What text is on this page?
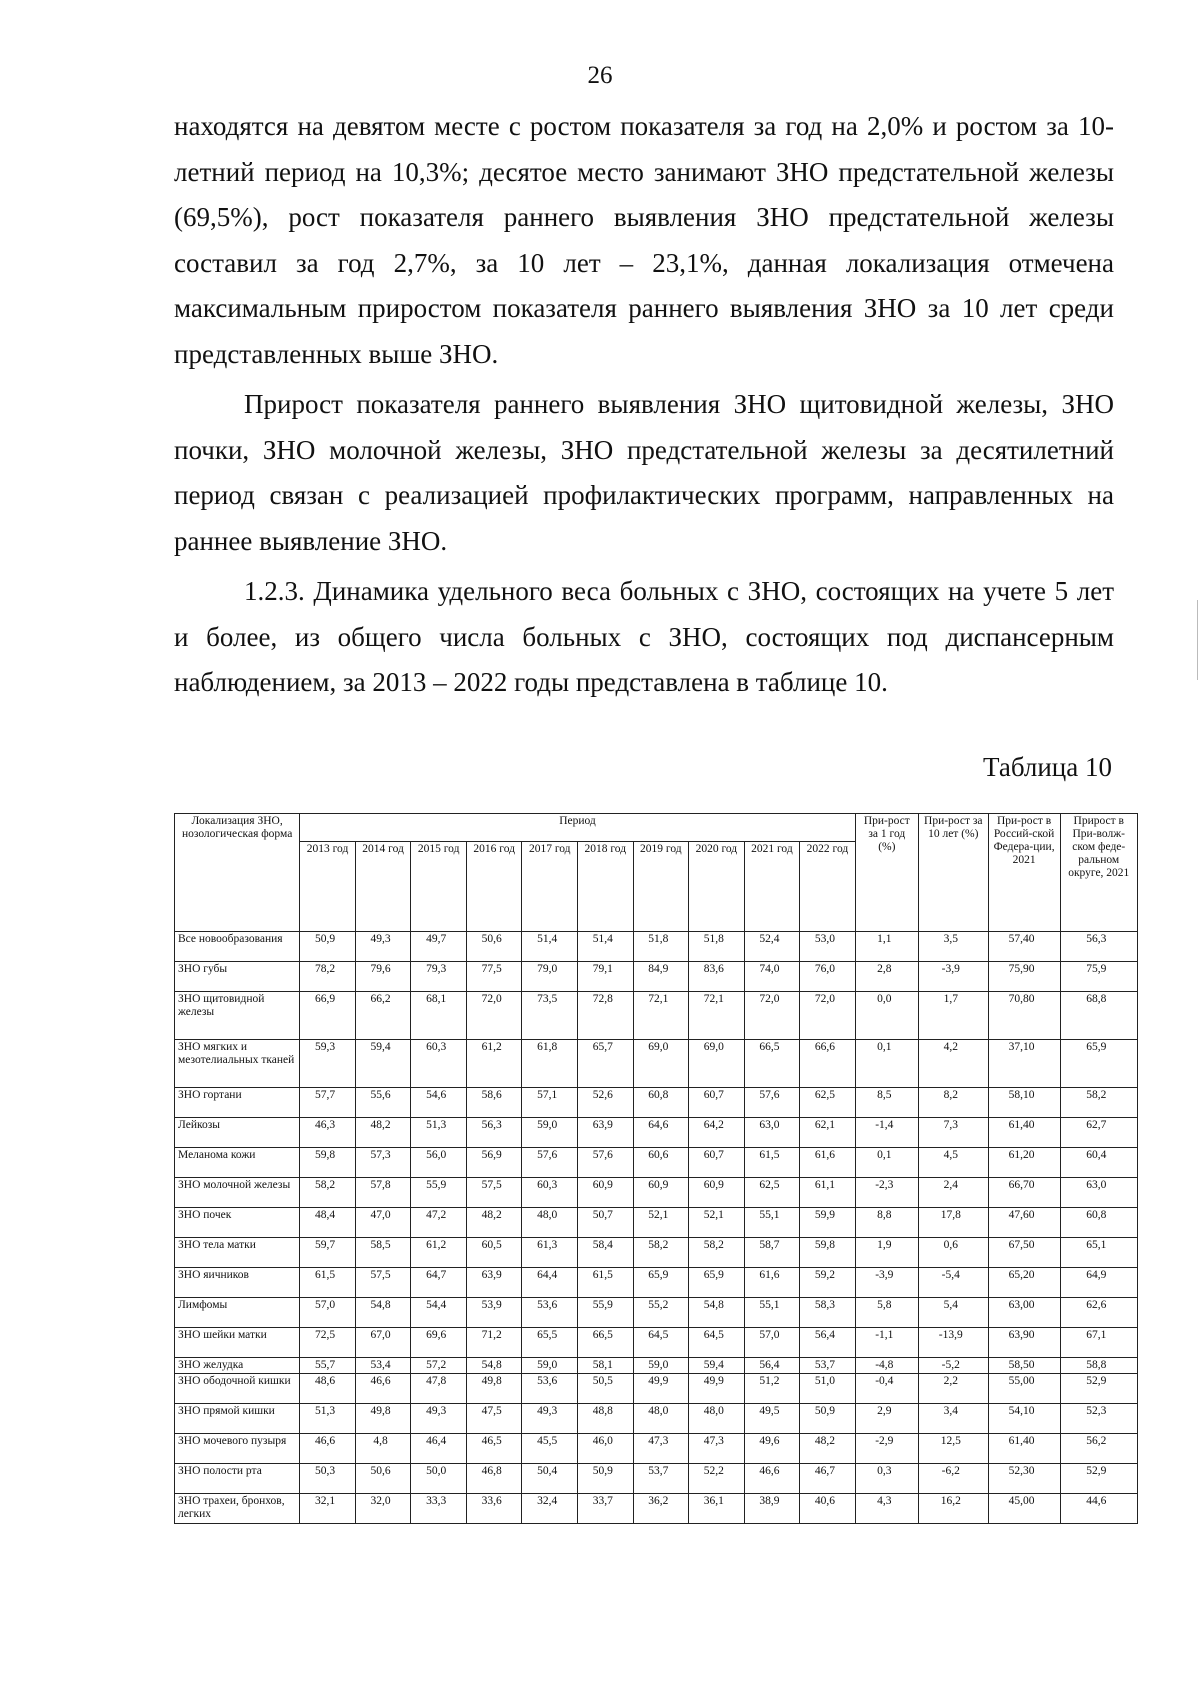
26

находятся на девятом месте с ростом показателя за год на 2,0% и ростом за 10-летний период на 10,3%; десятое место занимают ЗНО предстательной железы (69,5%), рост показателя раннего выявления ЗНО предстательной железы составил за год 2,7%, за 10 лет – 23,1%, данная локализация отмечена максимальным приростом показателя раннего выявления ЗНО за 10 лет среди представленных выше ЗНО.

Прирост показателя раннего выявления ЗНО щитовидной железы, ЗНО почки, ЗНО молочной железы, ЗНО предстательной железы за десятилетний период связан с реализацией профилактических программ, направленных на раннее выявление ЗНО.

1.2.3. Динамика удельного веса больных с ЗНО, состоящих на учете 5 лет и более, из общего числа больных с ЗНО, состоящих под диспансерным наблюдением, за 2013 – 2022 годы представлена в таблице 10.

Таблица 10
Локализация ЗНО, нозологическая форма	Период										При-рост за 1 год (%)	При-рост за 10 лет (%)	При-рост в Россий-ской Федера-ции, 2021	Прирост в При-волж-ском феде-ральном округе, 2021
	2013 год	2014 год	2015 год	2016 год	2017 год	2018 год	2019 год	2020 год	2021 год	2022 год				
Все новообразования	50,9	49,3	49,7	50,6	51,4	51,4	51,8	51,8	52,4	53,0	1,1	3,5	57,40	56,3
ЗНО губы	78,2	79,6	79,3	77,5	79,0	79,1	84,9	83,6	74,0	76,0	2,8	-3,9	75,90	75,9
ЗНО щитовидной железы	66,9	66,2	68,1	72,0	73,5	72,8	72,1	72,1	72,0	72,0	0,0	1,7	70,80	68,8
ЗНО мягких и мезотелиальных тканей	59,3	59,4	60,3	61,2	61,8	65,7	69,0	69,0	66,5	66,6	0,1	4,2	37,10	65,9
ЗНО гортани	57,7	55,6	54,6	58,6	57,1	52,6	60,8	60,7	57,6	62,5	8,5	8,2	58,10	58,2
Лейкозы	46,3	48,2	51,3	56,3	59,0	63,9	64,6	64,2	63,0	62,1	-1,4	7,3	61,40	62,7
Меланома кожи	59,8	57,3	56,0	56,9	57,6	57,6	60,6	60,7	61,5	61,6	0,1	4,5	61,20	60,4
ЗНО молочной железы	58,2	57,8	55,9	57,5	60,3	60,9	60,9	60,9	62,5	61,1	-2,3	2,4	66,70	63,0
ЗНО почек	48,4	47,0	47,2	48,2	48,0	50,7	52,1	52,1	55,1	59,9	8,8	17,8	47,60	60,8
ЗНО тела матки	59,7	58,5	61,2	60,5	61,3	58,4	58,2	58,2	58,7	59,8	1,9	0,6	67,50	65,1
ЗНО яичников	61,5	57,5	64,7	63,9	64,4	61,5	65,9	65,9	61,6	59,2	-3,9	-5,4	65,20	64,9
Лимфомы	57,0	54,8	54,4	53,9	53,6	55,9	55,2	54,8	55,1	58,3	5,8	5,4	63,00	62,6
ЗНО шейки матки	72,5	67,0	69,6	71,2	65,5	66,5	64,5	64,5	57,0	56,4	-1,1	-13,9	63,90	67,1
ЗНО желудка	55,7	53,4	57,2	54,8	59,0	58,1	59,0	59,4	56,4	53,7	-4,8	-5,2	58,50	58,8
ЗНО ободочной кишки	48,6	46,6	47,8	49,8	53,6	50,5	49,9	49,9	51,2	51,0	-0,4	2,2	55,00	52,9
ЗНО прямой кишки	51,3	49,8	49,3	47,5	49,3	48,8	48,0	48,0	49,5	50,9	2,9	3,4	54,10	52,3
ЗНО мочевого пузыря	46,6	4,8	46,4	46,5	45,5	46,0	47,3	47,3	49,6	48,2	-2,9	12,5	61,40	56,2
ЗНО полости рта	50,3	50,6	50,0	46,8	50,4	50,9	53,7	52,2	46,6	46,7	0,3	-6,2	52,30	52,9
ЗНО трахеи, бронхов, легких	32,1	32,0	33,3	33,6	32,4	33,7	36,2	36,1	38,9	40,6	4,3	16,2	45,00	44,6
